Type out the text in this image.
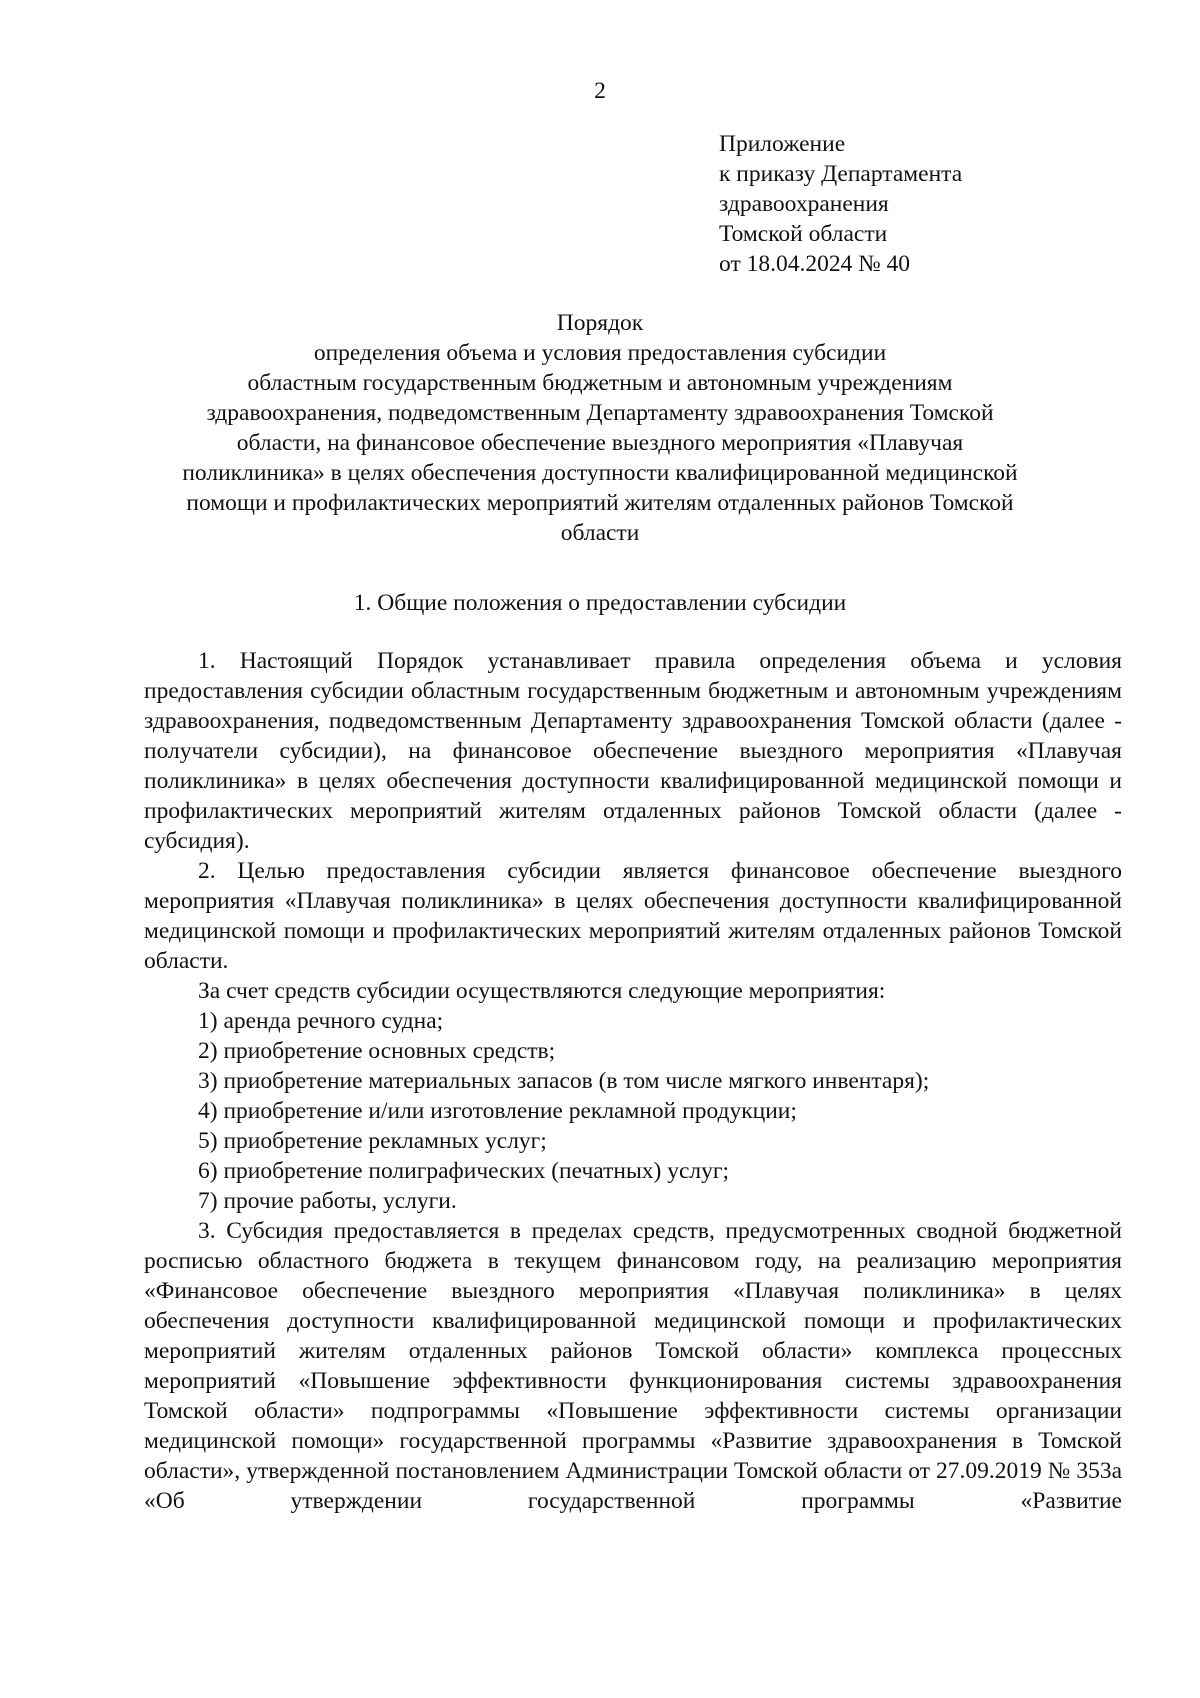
2
Приложение
к приказу Департамента
здравоохранения
Томской области
от 18.04.2024 № 40
Порядок
определения объема и условия предоставления субсидии
областным государственным бюджетным и автономным учреждениям
здравоохранения, подведомственным Департаменту здравоохранения Томской
области, на финансовое обеспечение выездного мероприятия «Плавучая
поликлиника» в целях обеспечения доступности квалифицированной медицинской
помощи и профилактических мероприятий жителям отдаленных районов Томской
области
1. Общие положения о предоставлении субсидии

1. Настоящий Порядок устанавливает правила определения объема и условия предоставления субсидии областным государственным бюджетным и автономным учреждениям здравоохранения, подведомственным Департаменту здравоохранения Томской области (далее - получатели субсидии), на финансовое обеспечение выездного мероприятия «Плавучая поликлиника» в целях обеспечения доступности квалифицированной медицинской помощи и профилактических мероприятий жителям отдаленных районов Томской области (далее - субсидия).

2. Целью предоставления субсидии является финансовое обеспечение выездного мероприятия «Плавучая поликлиника» в целях обеспечения доступности квалифицированной медицинской помощи и профилактических мероприятий жителям отдаленных районов Томской области.

За счет средств субсидии осуществляются следующие мероприятия:
1) аренда речного судна;
2) приобретение основных средств;
3) приобретение материальных запасов (в том числе мягкого инвентаря);
4) приобретение и/или изготовление рекламной продукции;
5) приобретение рекламных услуг;
6) приобретение полиграфических (печатных) услуг;
7) прочие работы, услуги.

3. Субсидия предоставляется в пределах средств, предусмотренных сводной бюджетной росписью областного бюджета в текущем финансовом году, на реализацию мероприятия «Финансовое обеспечение выездного мероприятия «Плавучая поликлиника» в целях обеспечения доступности квалифицированной медицинской помощи и профилактических мероприятий жителям отдаленных районов Томской области» комплекса процессных мероприятий «Повышение эффективности функционирования системы здравоохранения Томской области» подпрограммы «Повышение эффективности системы организации медицинской помощи» государственной программы «Развитие здравоохранения в Томской области», утвержденной постановлением Администрации Томской области от 27.09.2019 № 353а «Об утверждении государственной программы «Развитие
